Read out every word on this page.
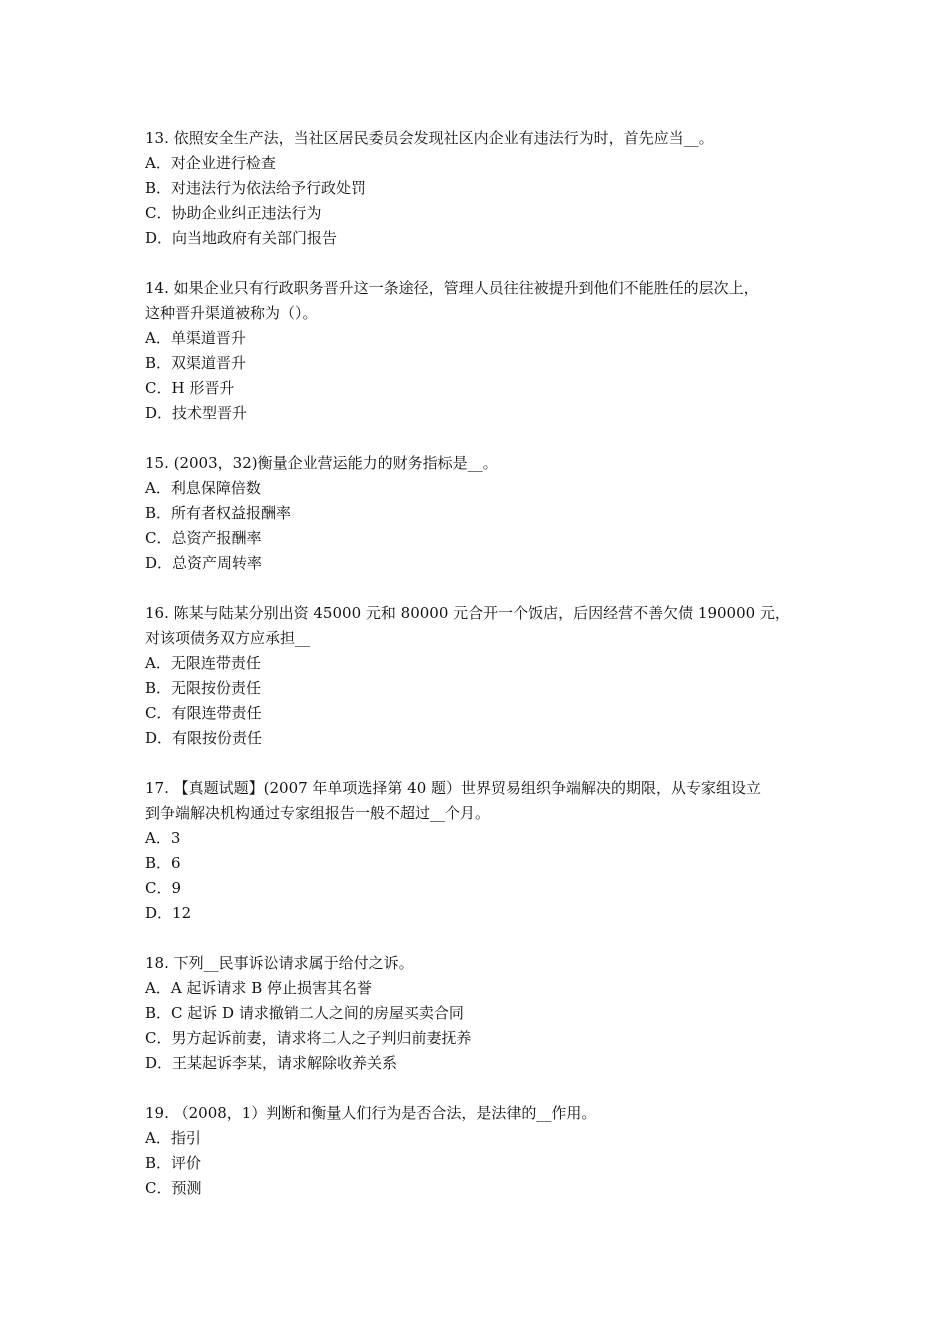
13. 依照安全生产法，当社区居民委员会发现社区内企业有违法行为时，首先应当__。
A．对企业进行检查
B．对违法行为依法给予行政处罚
C．协助企业纠正违法行为
D．向当地政府有关部门报告
14. 如果企业只有行政职务晋升这一条途径，管理人员往往被提升到他们不能胜任的层次上，
这种晋升渠道被称为（）。
A．单渠道晋升
B．双渠道晋升
C．H 形晋升
D．技术型晋升
15. (2003，32)衡量企业营运能力的财务指标是__。
A．利息保障倍数
B．所有者权益报酬率
C．总资产报酬率
D．总资产周转率
16. 陈某与陆某分别出资 45000 元和 80000 元合开一个饭店，后因经营不善欠债 190000 元，
对该项债务双方应承担__
A．无限连带责任
B．无限按份责任
C．有限连带责任
D．有限按份责任
17. 【真题试题】(2007 年单项选择第 40 题）世界贸易组织争端解决的期限，从专家组设立
到争端解决机构通过专家组报告一般不超过__个月。
A．3
B．6
C．9
D．12
18. 下列__民事诉讼请求属于给付之诉。
A．A 起诉请求 B 停止损害其名誉
B．C 起诉 D 请求撤销二人之间的房屋买卖合同
C．男方起诉前妻，请求将二人之子判归前妻抚养
D．王某起诉李某，请求解除收养关系
19. （2008，1）判断和衡量人们行为是否合法，是法律的__作用。
A．指引
B．评价
C．预测
